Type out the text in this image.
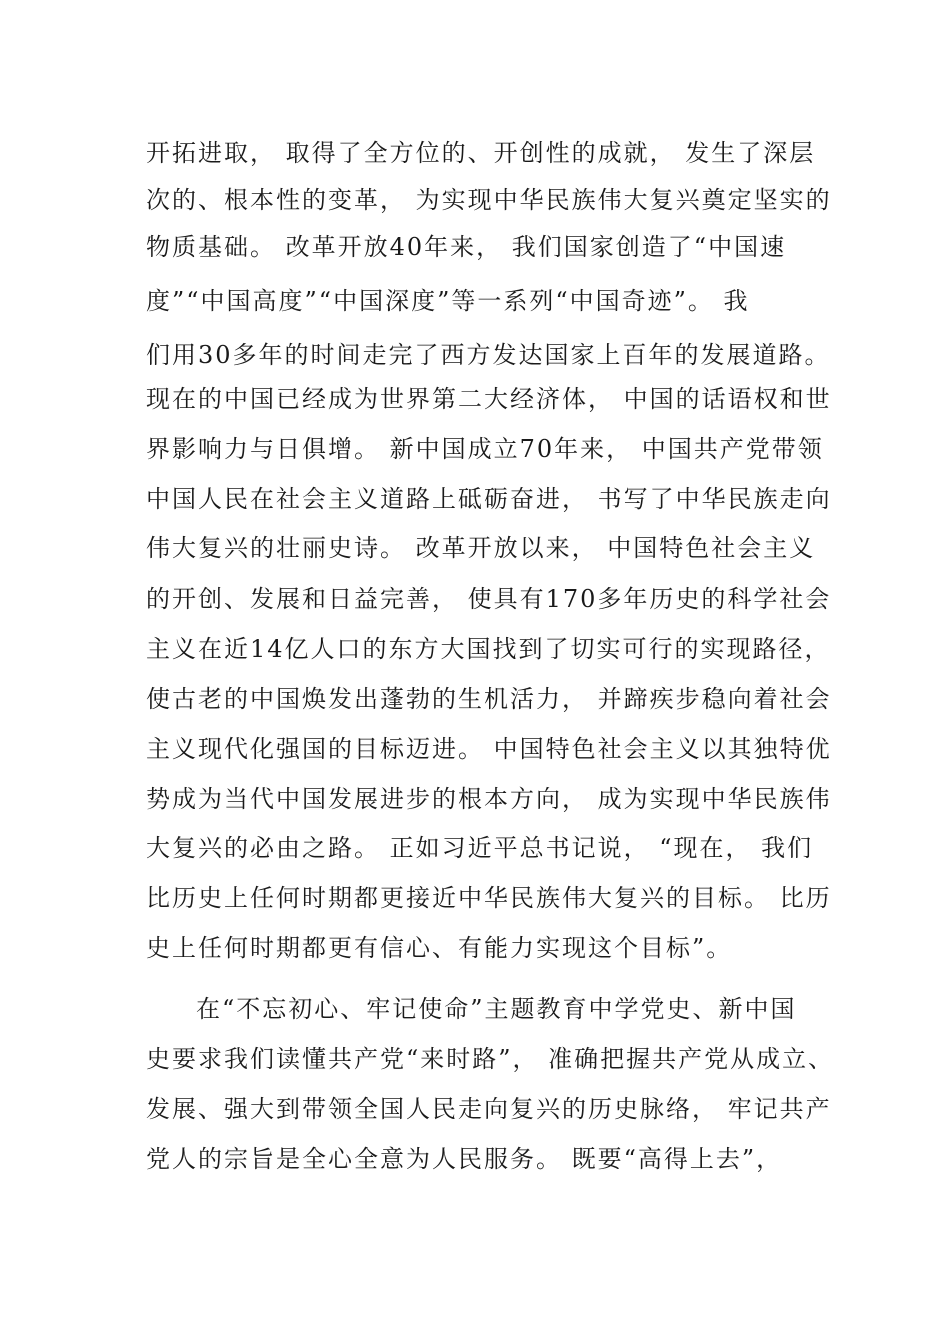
开拓进取， 取得了全方位的、开创性的成就， 发生了深层
次的、根本性的变革， 为实现中华民族伟大复兴奠定坚实的
物质基础。 改革开放40年来， 我们国家创造了“中国速
度”“中国高度”“中国深度”等一系列“中国奇迹”。 我
们用30多年的时间走完了西方发达国家上百年的发展道路。
现在的中国已经成为世界第二大经济体， 中国的话语权和世
界影响力与日俱增。 新中国成立70年来， 中国共产党带领
中国人民在社会主义道路上砥砺奋进， 书写了中华民族走向
伟大复兴的壮丽史诗。 改革开放以来， 中国特色社会主义
的开创、发展和日益完善， 使具有170多年历史的科学社会
主义在近14亿人口的东方大国找到了切实可行的实现路径，
使古老的中国焕发出蓬勃的生机活力， 并蹄疾步稳向着社会
主义现代化强国的目标迈进。 中国特色社会主义以其独特优
势成为当代中国发展进步的根本方向， 成为实现中华民族伟
大复兴的必由之路。 正如习近平总书记说， “现在， 我们
比历史上任何时期都更接近中华民族伟大复兴的目标。 比历
史上任何时期都更有信心、有能力实现这个目标”。
在“不忘初心、牢记使命”主题教育中学党史、新中国
史要求我们读懂共产党“来时路”， 准确把握共产党从成立、
发展、强大到带领全国人民走向复兴的历史脉络， 牢记共产
党人的宗旨是全心全意为人民服务。 既要“高得上去”，
